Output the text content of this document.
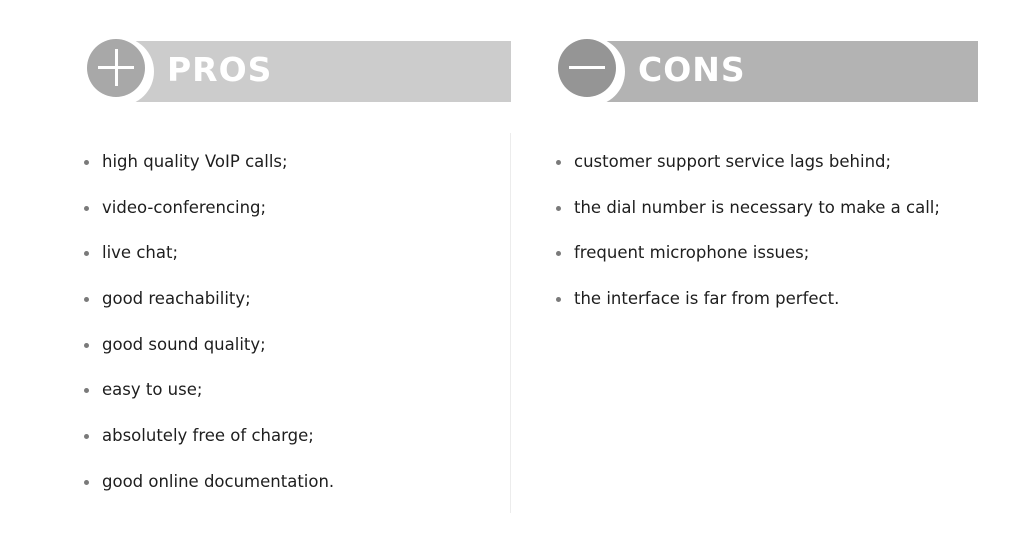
PROS	CONS
high quality VoIP calls;
video-conferencing;
live chat;
good reachability;
good sound quality;
easy to use;
absolutely free of charge;
good online documentation.
customer support service lags behind;
the dial number is necessary to make a call;
frequent microphone issues;
the interface is far from perfect.
